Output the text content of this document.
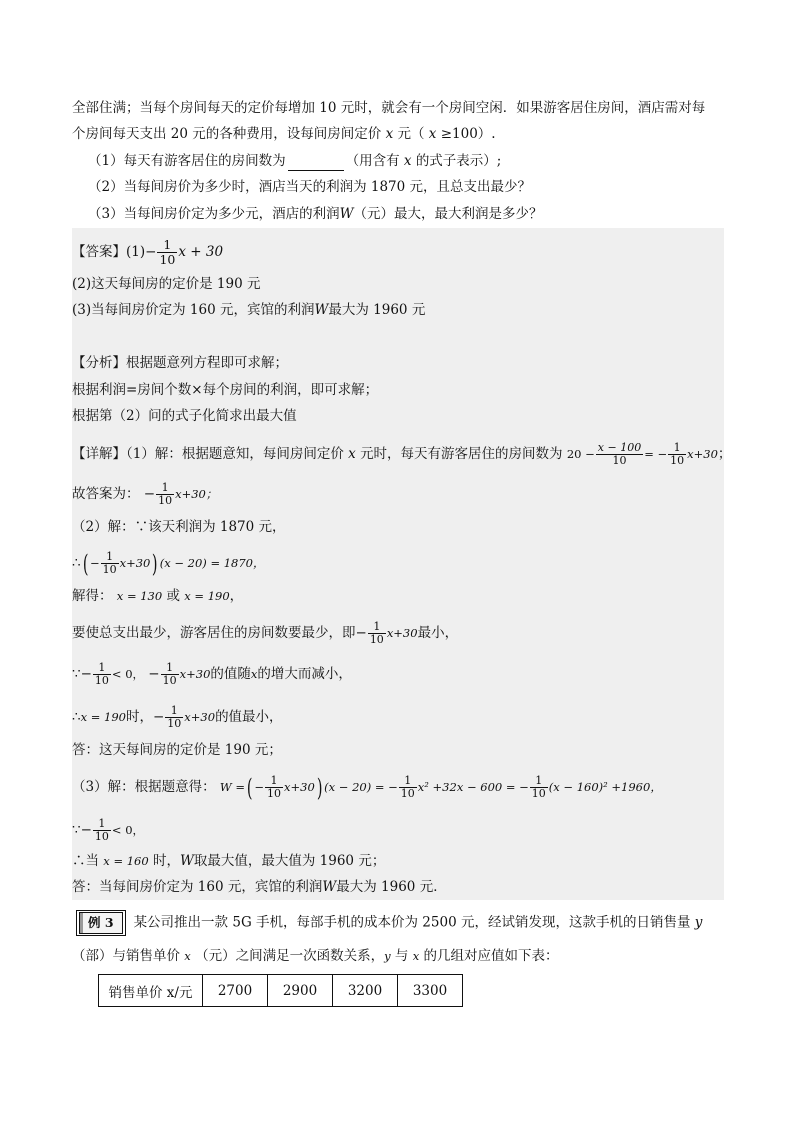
全部住满；当每个房间每天的定价每增加 10 元时，就会有一个房间空闲．如果游客居住房间，酒店需对每
个房间每天支出 20 元的各种费用，设每间房间定价 x 元（ x ≥100）.
（1）每天有游客居住的房间数为	（用含有 x 的式子表示）;
（2）当每间房价为多少时，酒店当天的利润为 1870 元，且总支出最少？
（3）当每间房价定为多少元，酒店的利润W（元）最大，最大利润是多少？
【答案】$(1)- \frac{1}{10}$ x + 30
(2)这天每间房的定价是 190 元
(3)当每间房价定为 160 元，宾馆的利润W最大为 1960 元
【分析】根据题意列方程即可求解；
根据利润=房间个数×每个房间的利润，即可求解；
根据第（2）问的式子化简求出最大值
【详解】（1）解：根据题意知，每间房间定价 x 元时，每天有游客居住的房间数为 $20 - \frac{x - 100}{10}$ = − $\frac{1}{10} x+30$；
故答案为： − $\frac{1}{10} x+30$；
（2）解：∵该天利润为 1870 元，
∴( − $\frac{1}{10} x+30$) (x − 20) = 1870，
解得： x = 130 或 x = 190，
要使总支出最少，游客居住的房间数要最少，即− $\frac{1}{10} x+30$最小，
∵− $\frac{1}{10} < 0$， − $\frac{1}{10} x+30$的值随x的增大而减小，
∴x = 190时，− $\frac{1}{10} x+30$的值最小，
答：这天每间房的定价是 190 元；
（3）解：根据题意得： W =( − $\frac{1}{10} x+30$) (x − 20) = − $\frac{1}{10} x^2 +32x - 600$ = − $\frac{1}{10} (x - 160)^2 +1960$，
∵− $\frac{1}{10} < 0$，
∴当 x = 160 时，W取最大值，最大值为 1960 元；
答：当每间房价定为 160 元，宾馆的利润W最大为 1960 元．
例 3 某公司推出一款 5G 手机，每部手机的成本价为 2500 元，经试销发现，这款手机的日销售量 y
（部）与销售单价 x （元）之间满足一次函数关系，y 与 x 的几组对应值如下表：
销售单价 x/元	2700	2900	3200	3300
